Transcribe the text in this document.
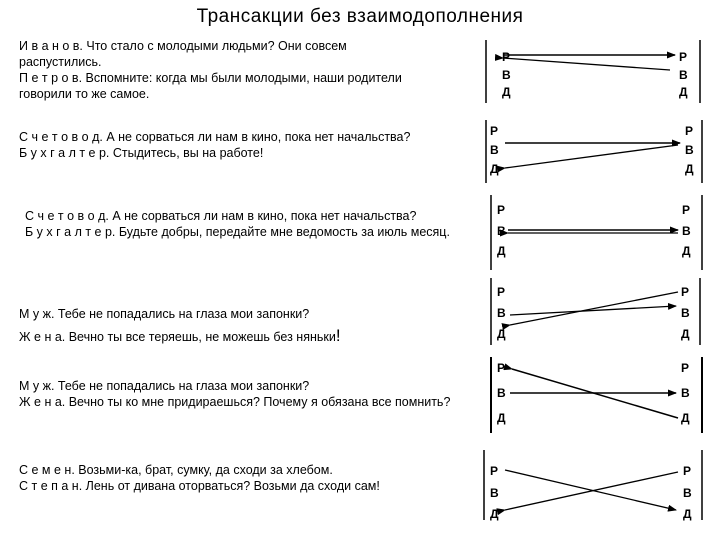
Трансакции без взаимодополнения

И в а н о в. Что стало с молодыми людьми? Они совсем распустились.

П е т р о в. Вспомните: когда мы были молодыми, наши родители говорили то же самое.

С ч е т о в о д. А не сорваться ли нам в кино, пока нет начальства?

Б у х г а л т е р. Стыдитесь, вы на работе!

С ч е т о в о д. А не сорваться ли нам в кино, пока нет начальства?

Б у х г а л т е р. Будьте добры, передайте мне ведомость за июль месяц.

М у ж. Тебе не попадались на глаза мои запонки?

Ж е н а. Вечно ты все теряешь, не можешь без няньки!

М у ж. Тебе не попадались на глаза мои запонки?

Ж е н а. Вечно ты ко мне придираешься? Почему я обязана все помнить?

С е м е н. Возьми-ка, брат, сумку, да сходи за хлебом.

С т е п а н. Лень от дивана оторваться? Возьми да сходи сам!

Р
В
Д
Р
В
Д
Р
В
Д
Р
В
Д
Р
В
Д
Р
В
Д
Р
В
Д
Р
В
Д
Р
В
Д
Р
В
Д
Р
В
Д
Р
В
Д
